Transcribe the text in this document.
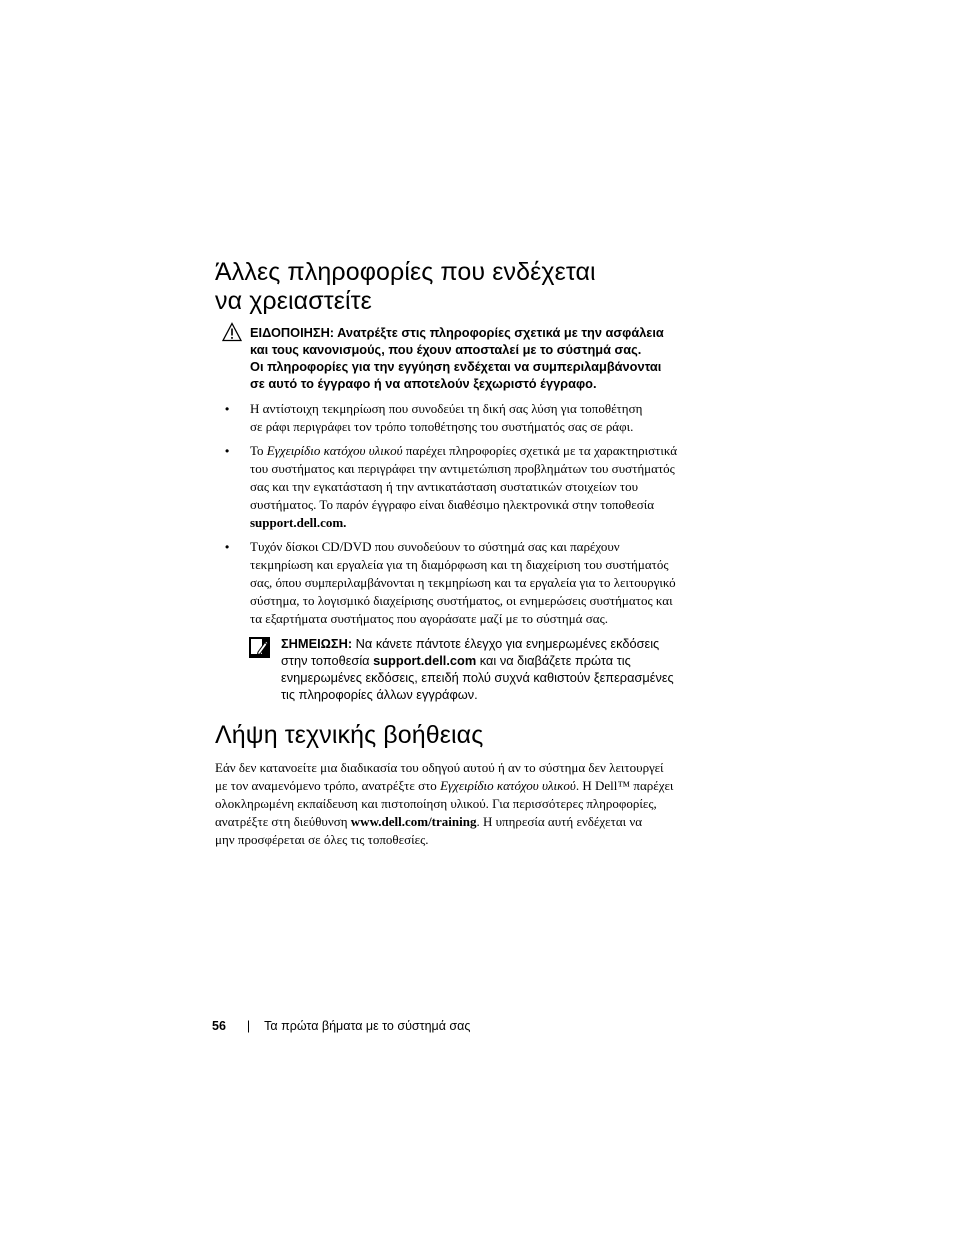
Άλλες πληροφορίες που ενδέχεται
να χρειαστείτε
ΕΙΔΟΠΟΙΗΣΗ: Ανατρέξτε στις πληροφορίες σχετικά με την ασφάλεια
και τους κανονισμούς, που έχουν αποσταλεί με το σύστημά σας.
Οι πληροφορίες για την εγγύηση ενδέχεται να συμπεριλαμβάνονται
σε αυτό το έγγραφο ή να αποτελούν ξεχωριστό έγγραφο.
• Η αντίστοιχη τεκμηρίωση που συνοδεύει τη δική σας λύση για τοποθέτηση
σε ράφι περιγράφει τον τρόπο τοποθέτησης του συστήματός σας σε ράφι.
• Το Εγχειρίδιο κατόχου υλικού παρέχει πληροφορίες σχετικά με τα χαρακτηριστικά
του συστήματος και περιγράφει την αντιμετώπιση προβλημάτων του συστήματός
σας και την εγκατάσταση ή την αντικατάσταση συστατικών στοιχείων του
συστήματος. Το παρόν έγγραφο είναι διαθέσιμο ηλεκτρονικά στην τοποθεσία
support.dell.com.
• Τυχόν δίσκοι CD/DVD που συνοδεύουν το σύστημά σας και παρέχουν
τεκμηρίωση και εργαλεία για τη διαμόρφωση και τη διαχείριση του συστήματός
σας, όπου συμπεριλαμβάνονται η τεκμηρίωση και τα εργαλεία για το λειτουργικό
σύστημα, το λογισμικό διαχείρισης συστήματος, οι ενημερώσεις συστήματος και
τα εξαρτήματα συστήματος που αγοράσατε μαζί με το σύστημά σας.
ΣΗΜΕΙΩΣΗ: Να κάνετε πάντοτε έλεγχο για ενημερωμένες εκδόσεις
στην τοποθεσία support.dell.com και να διαβάζετε πρώτα τις
ενημερωμένες εκδόσεις, επειδή πολύ συχνά καθιστούν ξεπερασμένες
τις πληροφορίες άλλων εγγράφων.
Λήψη τεχνικής βοήθειας
Εάν δεν κατανοείτε μια διαδικασία του οδηγού αυτού ή αν το σύστημα δεν λειτουργεί
με τον αναμενόμενο τρόπο, ανατρέξτε στο Εγχειρίδιο κατόχου υλικού. Η Dell™ παρέχει
ολοκληρωμένη εκπαίδευση και πιστοποίηση υλικού. Για περισσότερες πληροφορίες,
ανατρέξτε στη διεύθυνση www.dell.com/training. Η υπηρεσία αυτή ενδέχεται να
μην προσφέρεται σε όλες τις τοποθεσίες.
56 | Τα πρώτα βήματα με το σύστημά σας
